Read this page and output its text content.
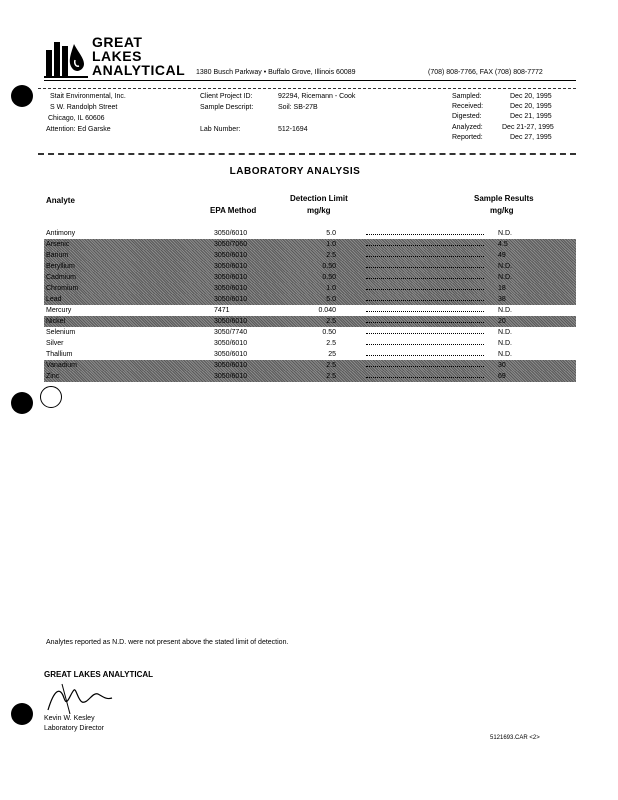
GREAT
LAKES
ANALYTICAL 1380 Busch Parkway • Buffalo Grove, Illinois 60089	(708) 808-7766, FAX (708) 808-7772
Stait Environmental, Inc.
S W. Randolph Street
Chicago, IL 60606
Attention: Ed Garske
Client Project ID:	92294, Ricemann - Cook
Sample Descript:	Soil: SB-27B
Lab Number:	512-1694
Sampled:	Dec 20, 1995
Received:	Dec 20, 1995
Digested:	Dec 21, 1995
Analyzed:	Dec 21-27, 1995
Reported:	Dec 27, 1995
LABORATORY ANALYSIS
Analyte
EPA Method
Detection Limit
mg/kg
Sample Results
mg/kg
Antimony	3050/6010	5.0	N.D.
Arsenic	3050/7060	1.0	4.5
Barium	3050/6010	2.5	49
Beryllium	3050/6010	0.50	N.D.
Cadmium	3050/6010	0.50	N.D.
Chromium	3050/6010	1.0	18
Lead	3050/6010	5.0	38
Mercury	7471	0.040	N.D.
Nickel	3050/6010	2.5	20
Selenium	3050/7740	0.50	N.D.
Silver	3050/6010	2.5	N.D.
Thallium	3050/6010	25	N.D.
Vanadium	3050/6010	2.5	30
Zinc	3050/6010	2.5	69
Analytes reported as N.D. were not present above the stated limit of detection.
GREAT LAKES ANALYTICAL
Kevin W. Kesley
Laboratory Director
5121693.CAR <2>
